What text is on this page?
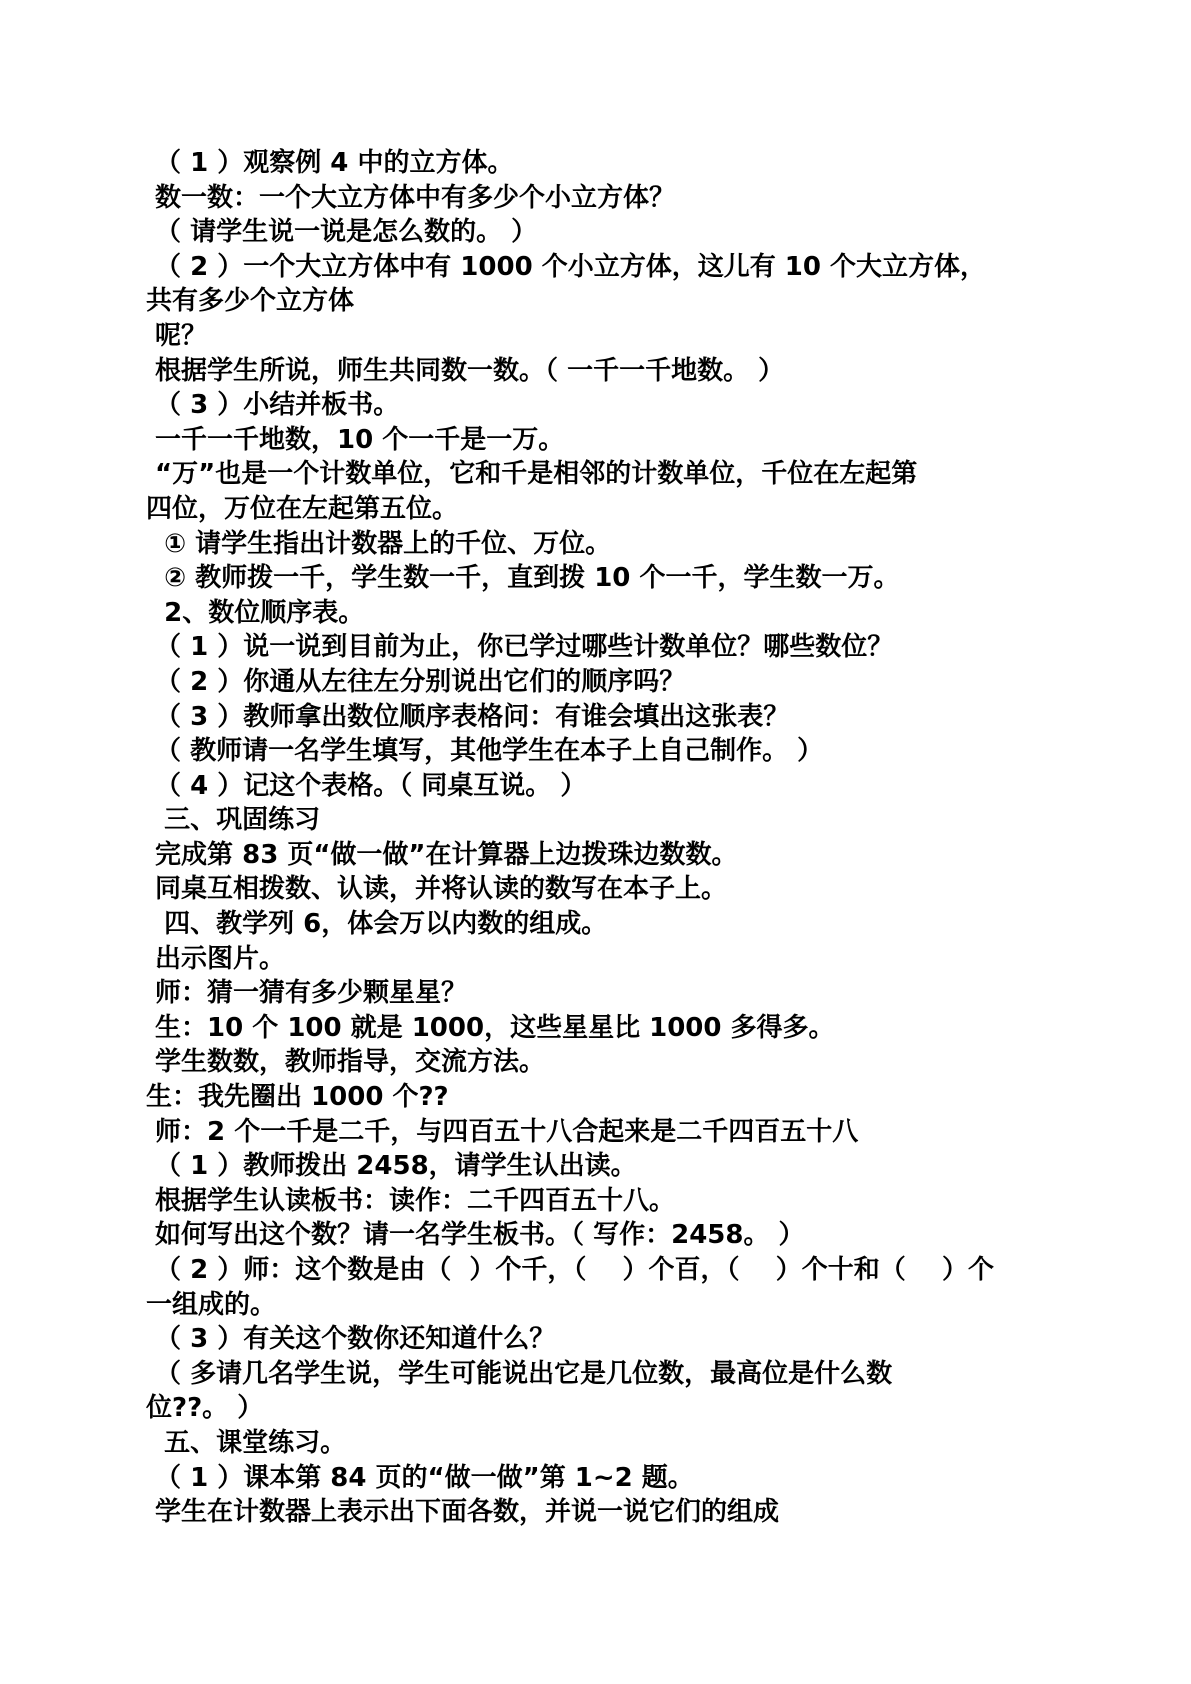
（ 1 ）观察例 4 中的立方体。
数一数：一个大立方体中有多少个小立方体？
（ 请学生说一说是怎么数的。 ）
（ 2 ）一个大立方体中有 1000 个小立方体，这儿有 10 个大立方体，
共有多少个立方体
呢？
根据学生所说，师生共同数一数。（ 一千一千地数。 ）
（ 3 ）小结并板书。
一千一千地数，10 个一千是一万。
“万”也是一个计数单位，它和千是相邻的计数单位，千位在左起第
四位，万位在左起第五位。
① 请学生指出计数器上的千位、万位。
② 教师拨一千，学生数一千，直到拨 10 个一千，学生数一万。
2、数位顺序表。
（ 1 ）说一说到目前为止，你已学过哪些计数单位？哪些数位？
（ 2 ）你通从左往左分别说出它们的顺序吗？
（ 3 ）教师拿出数位顺序表格问：有谁会填出这张表？
（ 教师请一名学生填写，其他学生在本子上自己制作。 ）
（ 4 ）记这个表格。（ 同桌互说。 ）
三、巩固练习
完成第 83 页“做一做”在计算器上边拨珠边数数。
同桌互相拨数、认读，并将认读的数写在本子上。
四、教学列 6，体会万以内数的组成。
出示图片。
师：猜一猜有多少颗星星？
生：10 个 100 就是 1000，这些星星比 1000 多得多。
学生数数，教师指导，交流方法。
生：我先圈出 1000 个??
师：2 个一千是二千，与四百五十八合起来是二千四百五十八
（ 1 ）教师拨出 2458，请学生认出读。
根据学生认读板书：读作：二千四百五十八。
如何写出这个数？请一名学生板书。（ 写作：2458。 ）
（ 2 ）师：这个数是由（  ）个千，（    ）个百，（    ）个十和（    ）个
一组成的。
（ 3 ）有关这个数你还知道什么？
（ 多请几名学生说，学生可能说出它是几位数，最高位是什么数
位??。 ）
五、课堂练习。
（ 1 ）课本第 84 页的“做一做”第 1~2 题。
学生在计数器上表示出下面各数，并说一说它们的组成
